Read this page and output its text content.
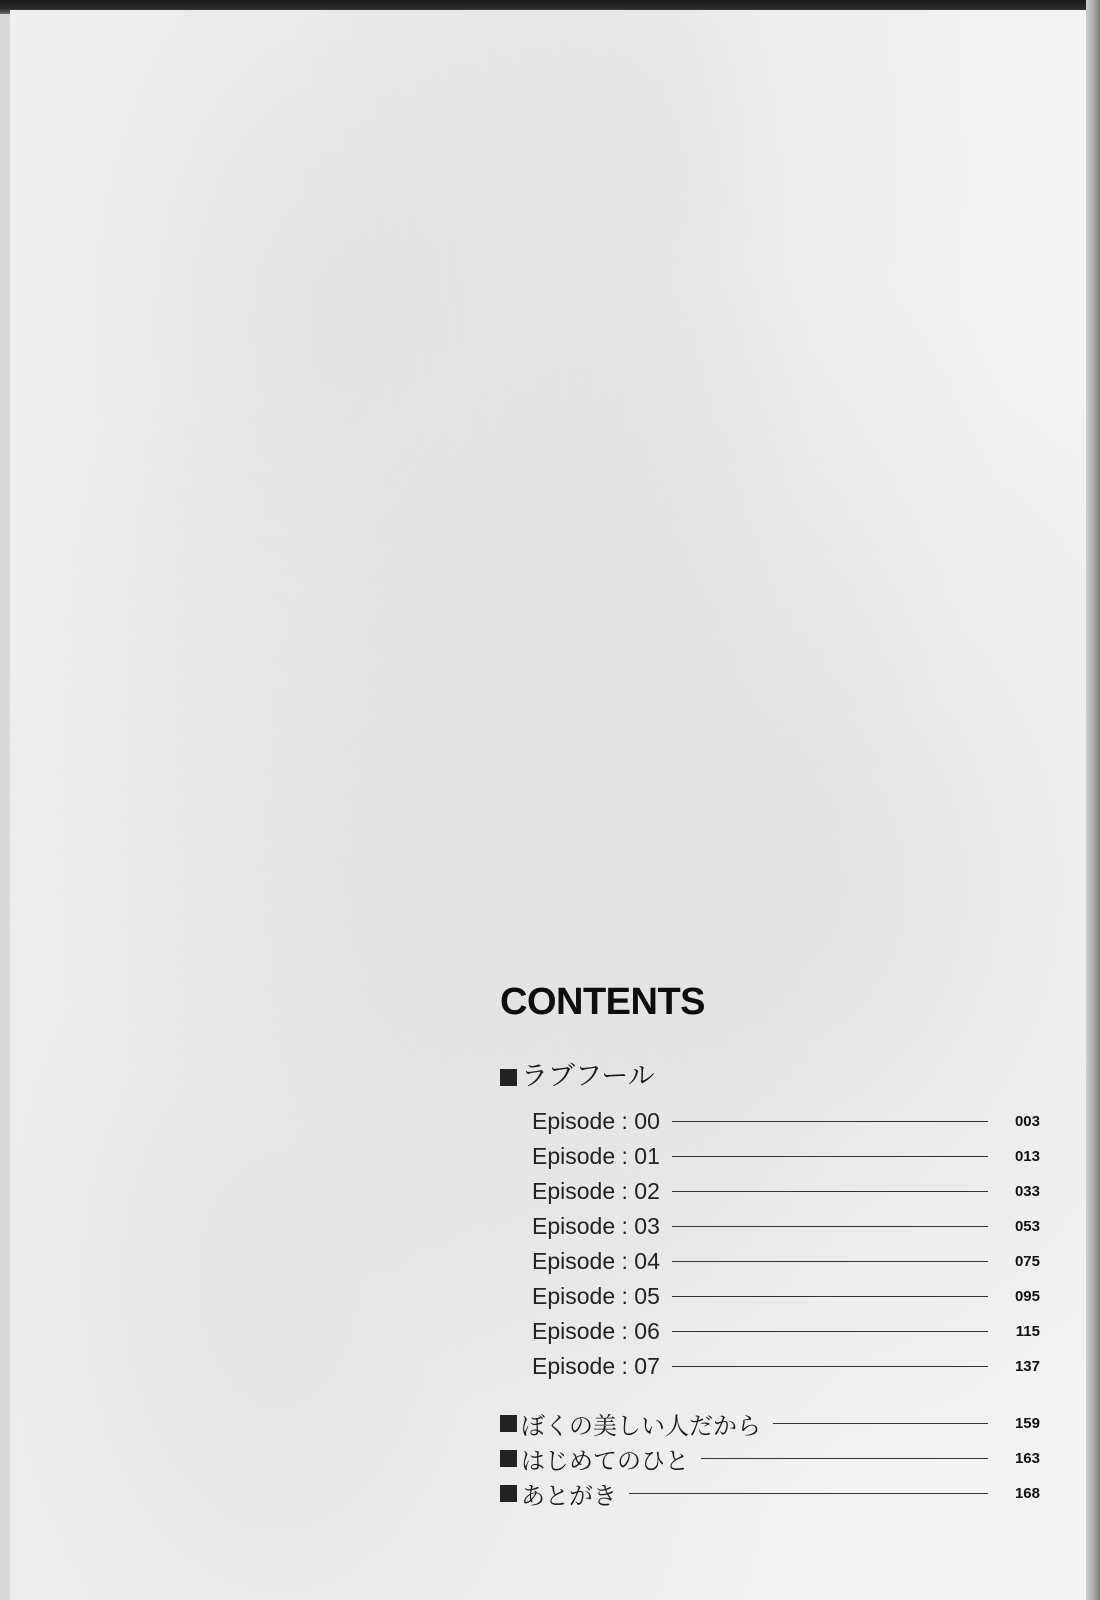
CONTENTS
ラブフール
Episode : 00	003
Episode : 01	013
Episode : 02	033
Episode : 03	053
Episode : 04	075
Episode : 05	095
Episode : 06	115
Episode : 07	137
ぼくの美しい人だから	159
はじめてのひと	163
あとがき	168
